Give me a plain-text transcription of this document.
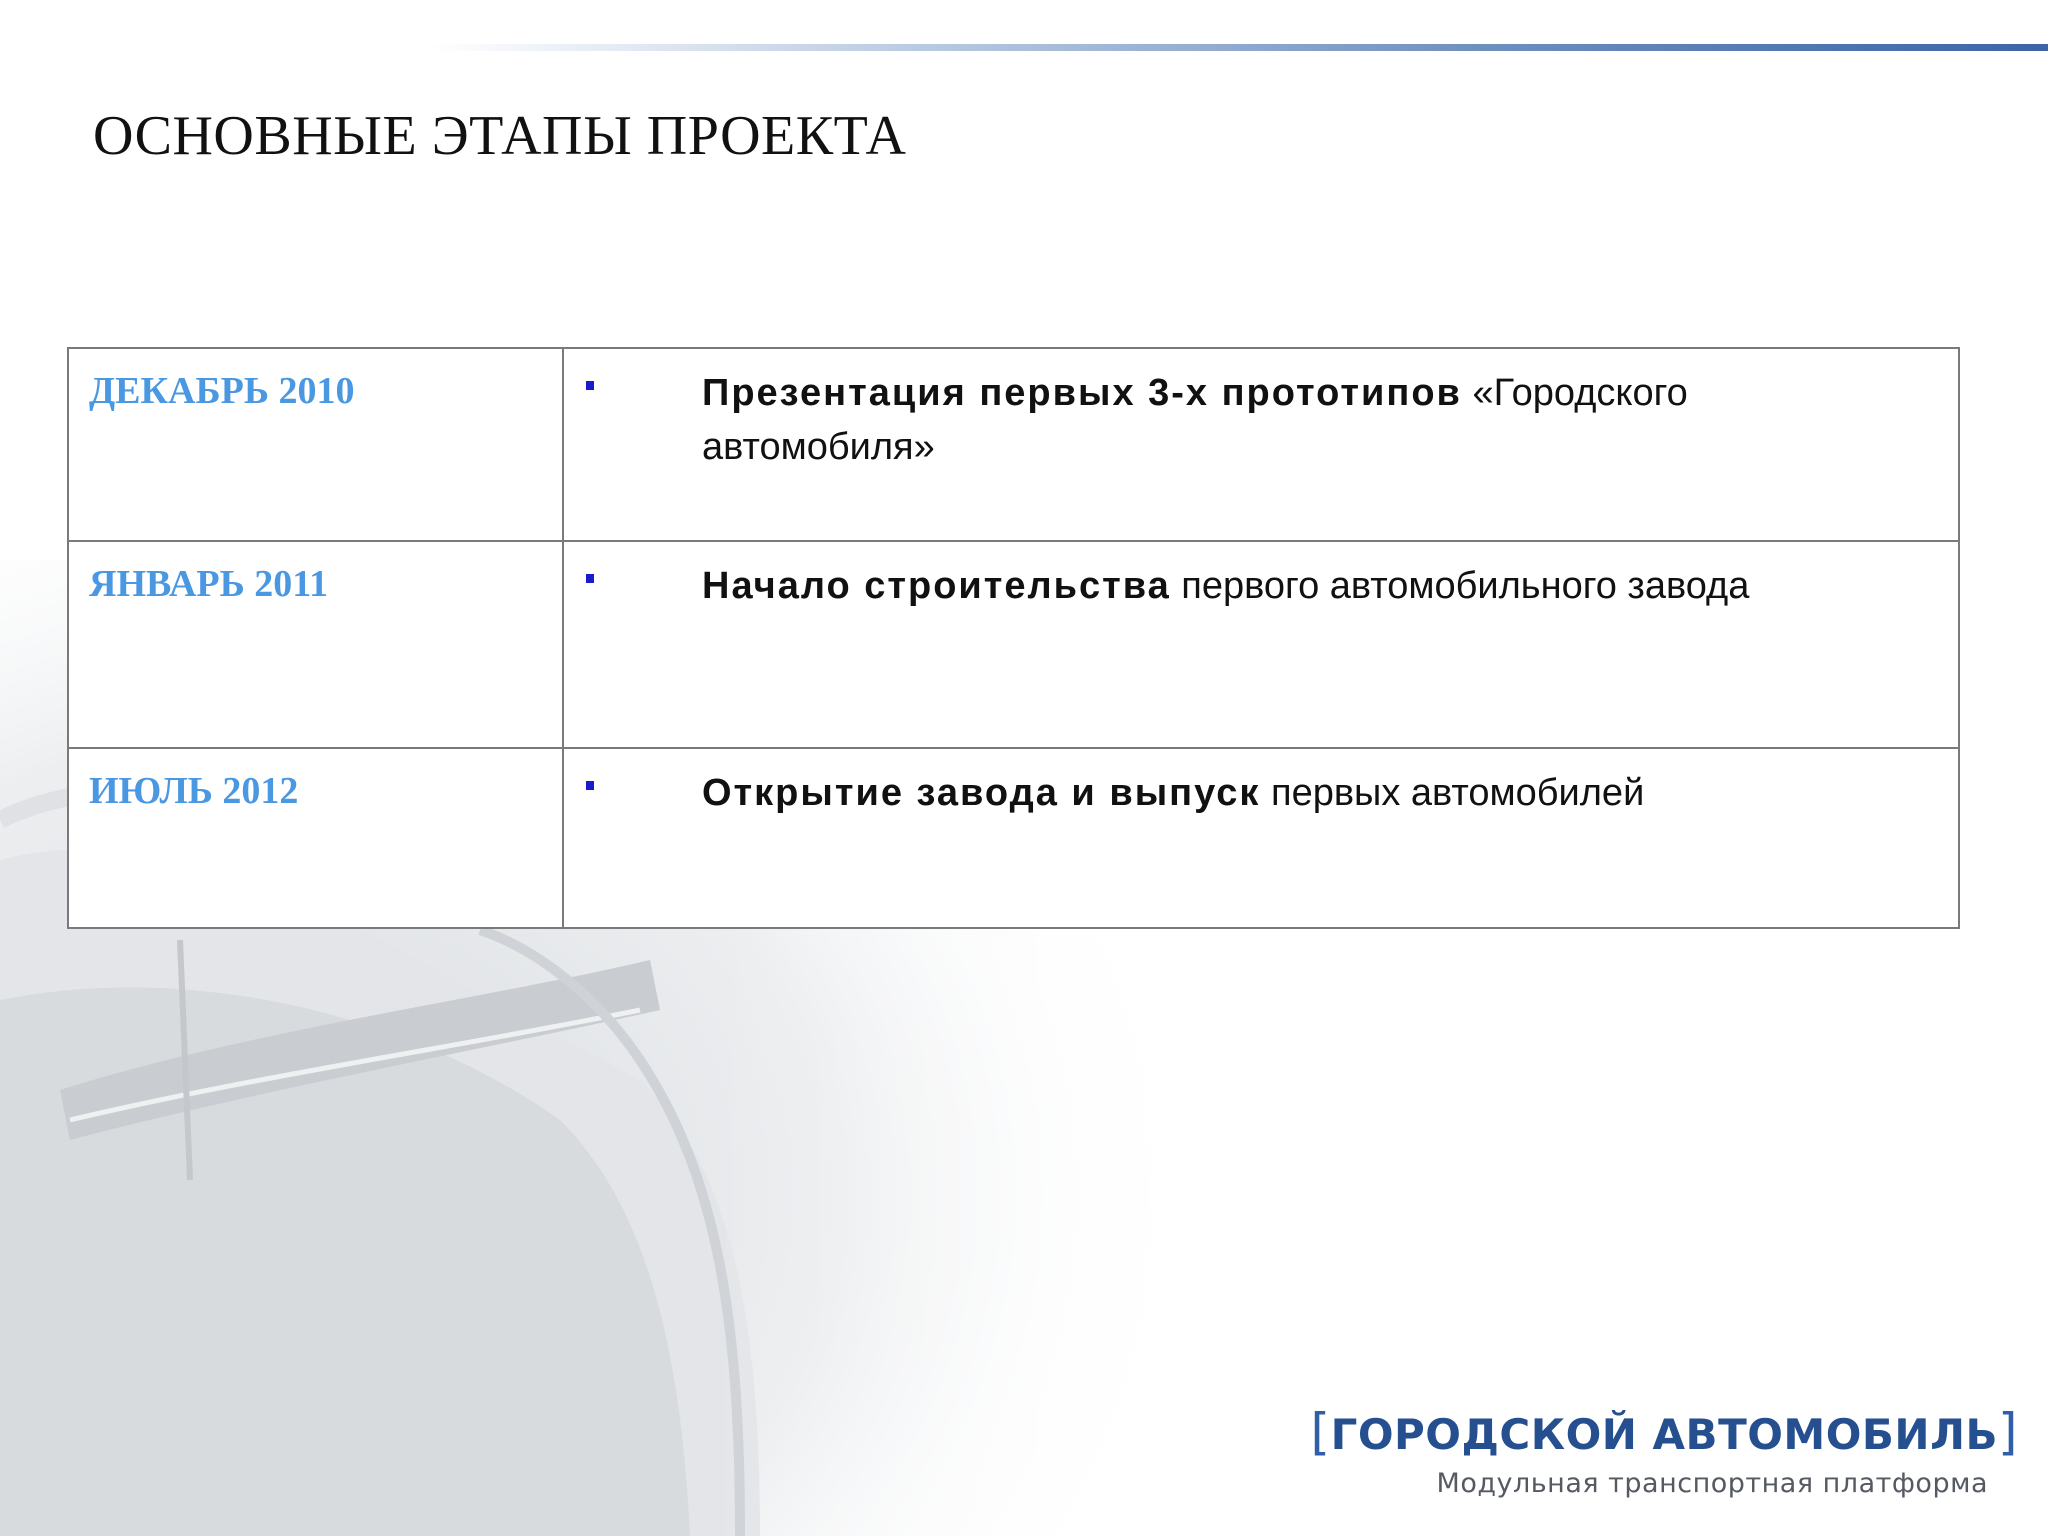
ОСНОВНЫЕ ЭТАПЫ ПРОЕКТА
ДЕКАБРЬ 2010	Презентация первых 3-х прототипов «Городского автомобиля»

ЯНВАРЬ 2011	Начало строительства первого автомобильного завода

ИЮЛЬ 2012	Открытие завода и выпуск первых автомобилей
[ГОРОДСКОЙ АВТОМОБИЛЬ]
Модульная транспортная платформа
